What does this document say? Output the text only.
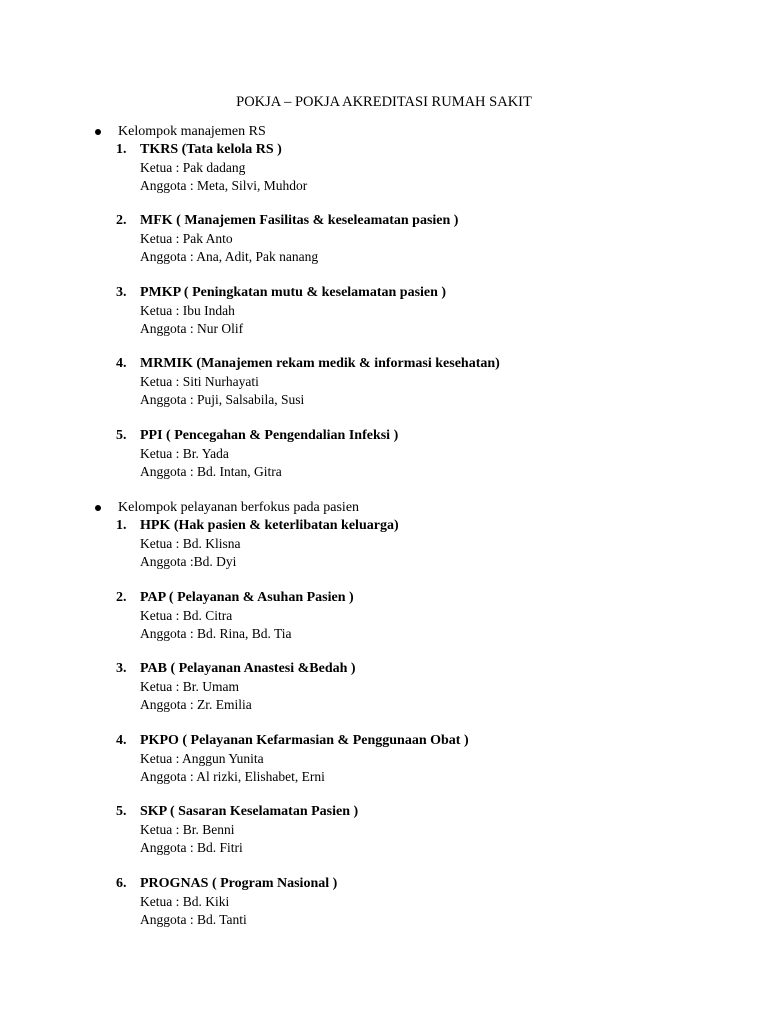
POKJA – POKJA AKREDITASI RUMAH SAKIT
Kelompok manajemen RS
1. TKRS (Tata kelola RS )
Ketua : Pak dadang
Anggota : Meta, Silvi, Muhdor
2. MFK ( Manajemen Fasilitas & keseleamatan pasien )
Ketua : Pak Anto
Anggota : Ana, Adit, Pak nanang
3. PMKP ( Peningkatan mutu & keselamatan pasien )
Ketua : Ibu Indah
Anggota : Nur Olif
4. MRMIK (Manajemen rekam medik & informasi kesehatan)
Ketua : Siti Nurhayati
Anggota : Puji, Salsabila, Susi
5. PPI ( Pencegahan & Pengendalian Infeksi )
Ketua : Br. Yada
Anggota : Bd. Intan, Gitra
Kelompok pelayanan berfokus pada pasien
1. HPK (Hak pasien & keterlibatan keluarga)
Ketua : Bd. Klisna
Anggota :Bd. Dyi
2. PAP ( Pelayanan & Asuhan Pasien )
Ketua : Bd. Citra
Anggota : Bd. Rina, Bd. Tia
3. PAB ( Pelayanan Anastesi &Bedah )
Ketua : Br. Umam
Anggota : Zr. Emilia
4. PKPO ( Pelayanan Kefarmasian & Penggunaan Obat )
Ketua : Anggun Yunita
Anggota : Al rizki, Elishabet, Erni
5. SKP ( Sasaran Keselamatan Pasien )
Ketua : Br. Benni
Anggota : Bd. Fitri
6. PROGNAS ( Program Nasional )
Ketua : Bd. Kiki
Anggota : Bd. Tanti
